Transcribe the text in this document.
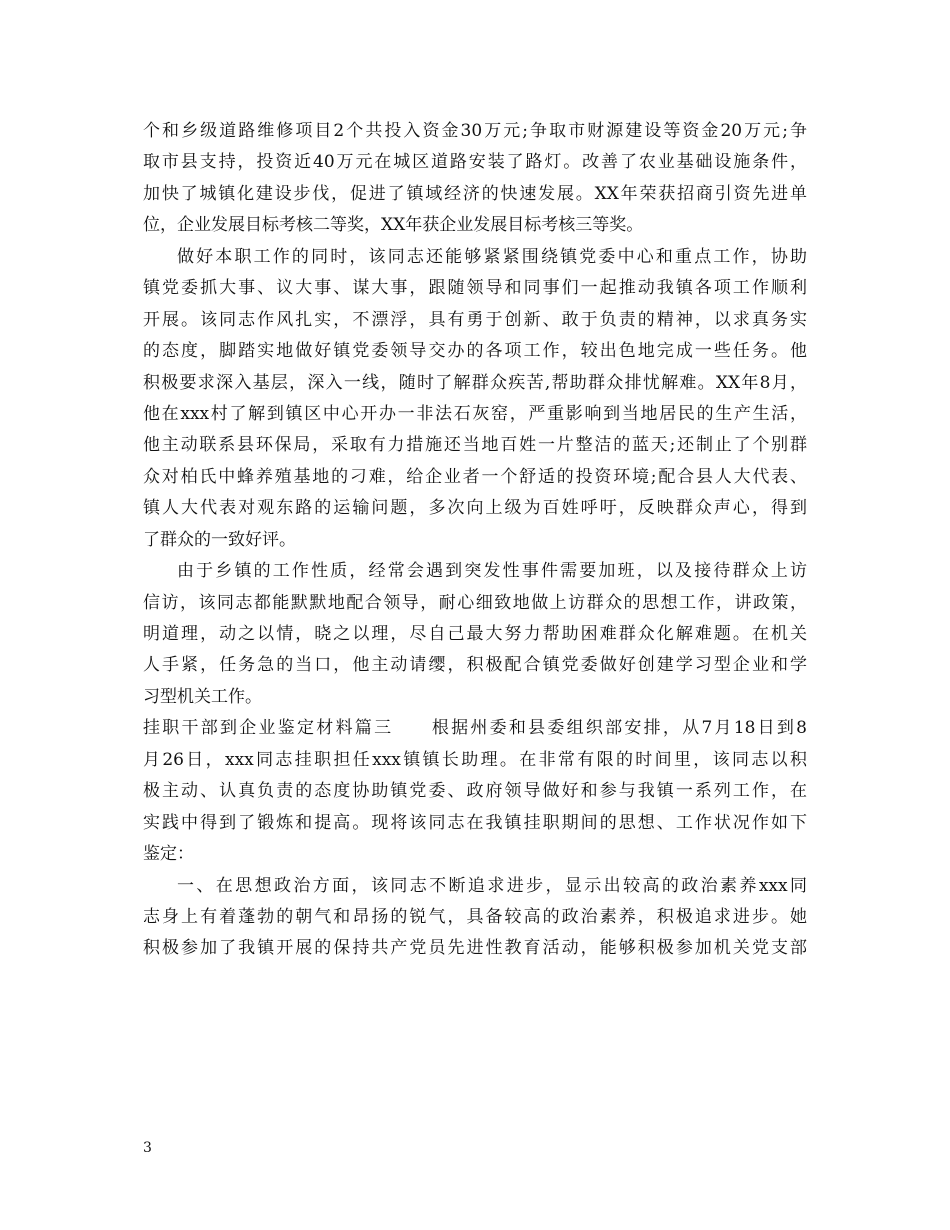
个和乡级道路维修项目2个共投入资金30万元;争取市财源建设等资金20万元;争
取市县支持，投资近40万元在城区道路安装了路灯。改善了农业基础设施条件，
加快了城镇化建设步伐，促进了镇域经济的快速发展。XX年荣获招商引资先进单
位，企业发展目标考核二等奖，XX年获企业发展目标考核三等奖。
做好本职工作的同时，该同志还能够紧紧围绕镇党委中心和重点工作，协助
镇党委抓大事、议大事、谋大事，跟随领导和同事们一起推动我镇各项工作顺利
开展。该同志作风扎实，不漂浮，具有勇于创新、敢于负责的精神，以求真务实
的态度，脚踏实地做好镇党委领导交办的各项工作，较出色地完成一些任务。他
积极要求深入基层，深入一线，随时了解群众疾苦,帮助群众排忧解难。XX年8月，
他在xxx村了解到镇区中心开办一非法石灰窑，严重影响到当地居民的生产生活，
他主动联系县环保局，采取有力措施还当地百姓一片整洁的蓝天;还制止了个别群
众对柏氏中蜂养殖基地的刁难，给企业者一个舒适的投资环境;配合县人大代表、
镇人大代表对观东路的运输问题，多次向上级为百姓呼吁，反映群众声心，得到
了群众的一致好评。
由于乡镇的工作性质，经常会遇到突发性事件需要加班，以及接待群众上访
信访，该同志都能默默地配合领导，耐心细致地做上访群众的思想工作，讲政策，
明道理，动之以情，晓之以理，尽自己最大努力帮助困难群众化解难题。在机关
人手紧，任务急的当口，他主动请缨，积极配合镇党委做好创建学习型企业和学
习型机关工作。
挂职干部到企业鉴定材料篇三　　根据州委和县委组织部安排，从7月18日到8
月26日，xxx同志挂职担任xxx镇镇长助理。在非常有限的时间里，该同志以积
极主动、认真负责的态度协助镇党委、政府领导做好和参与我镇一系列工作，在
实践中得到了锻炼和提高。现将该同志在我镇挂职期间的思想、工作状况作如下
鉴定：
一、在思想政治方面，该同志不断追求进步，显示出较高的政治素养xxx同
志身上有着蓬勃的朝气和昂扬的锐气，具备较高的政治素养，积极追求进步。她
积极参加了我镇开展的保持共产党员先进性教育活动，能够积极参加机关党支部
3
